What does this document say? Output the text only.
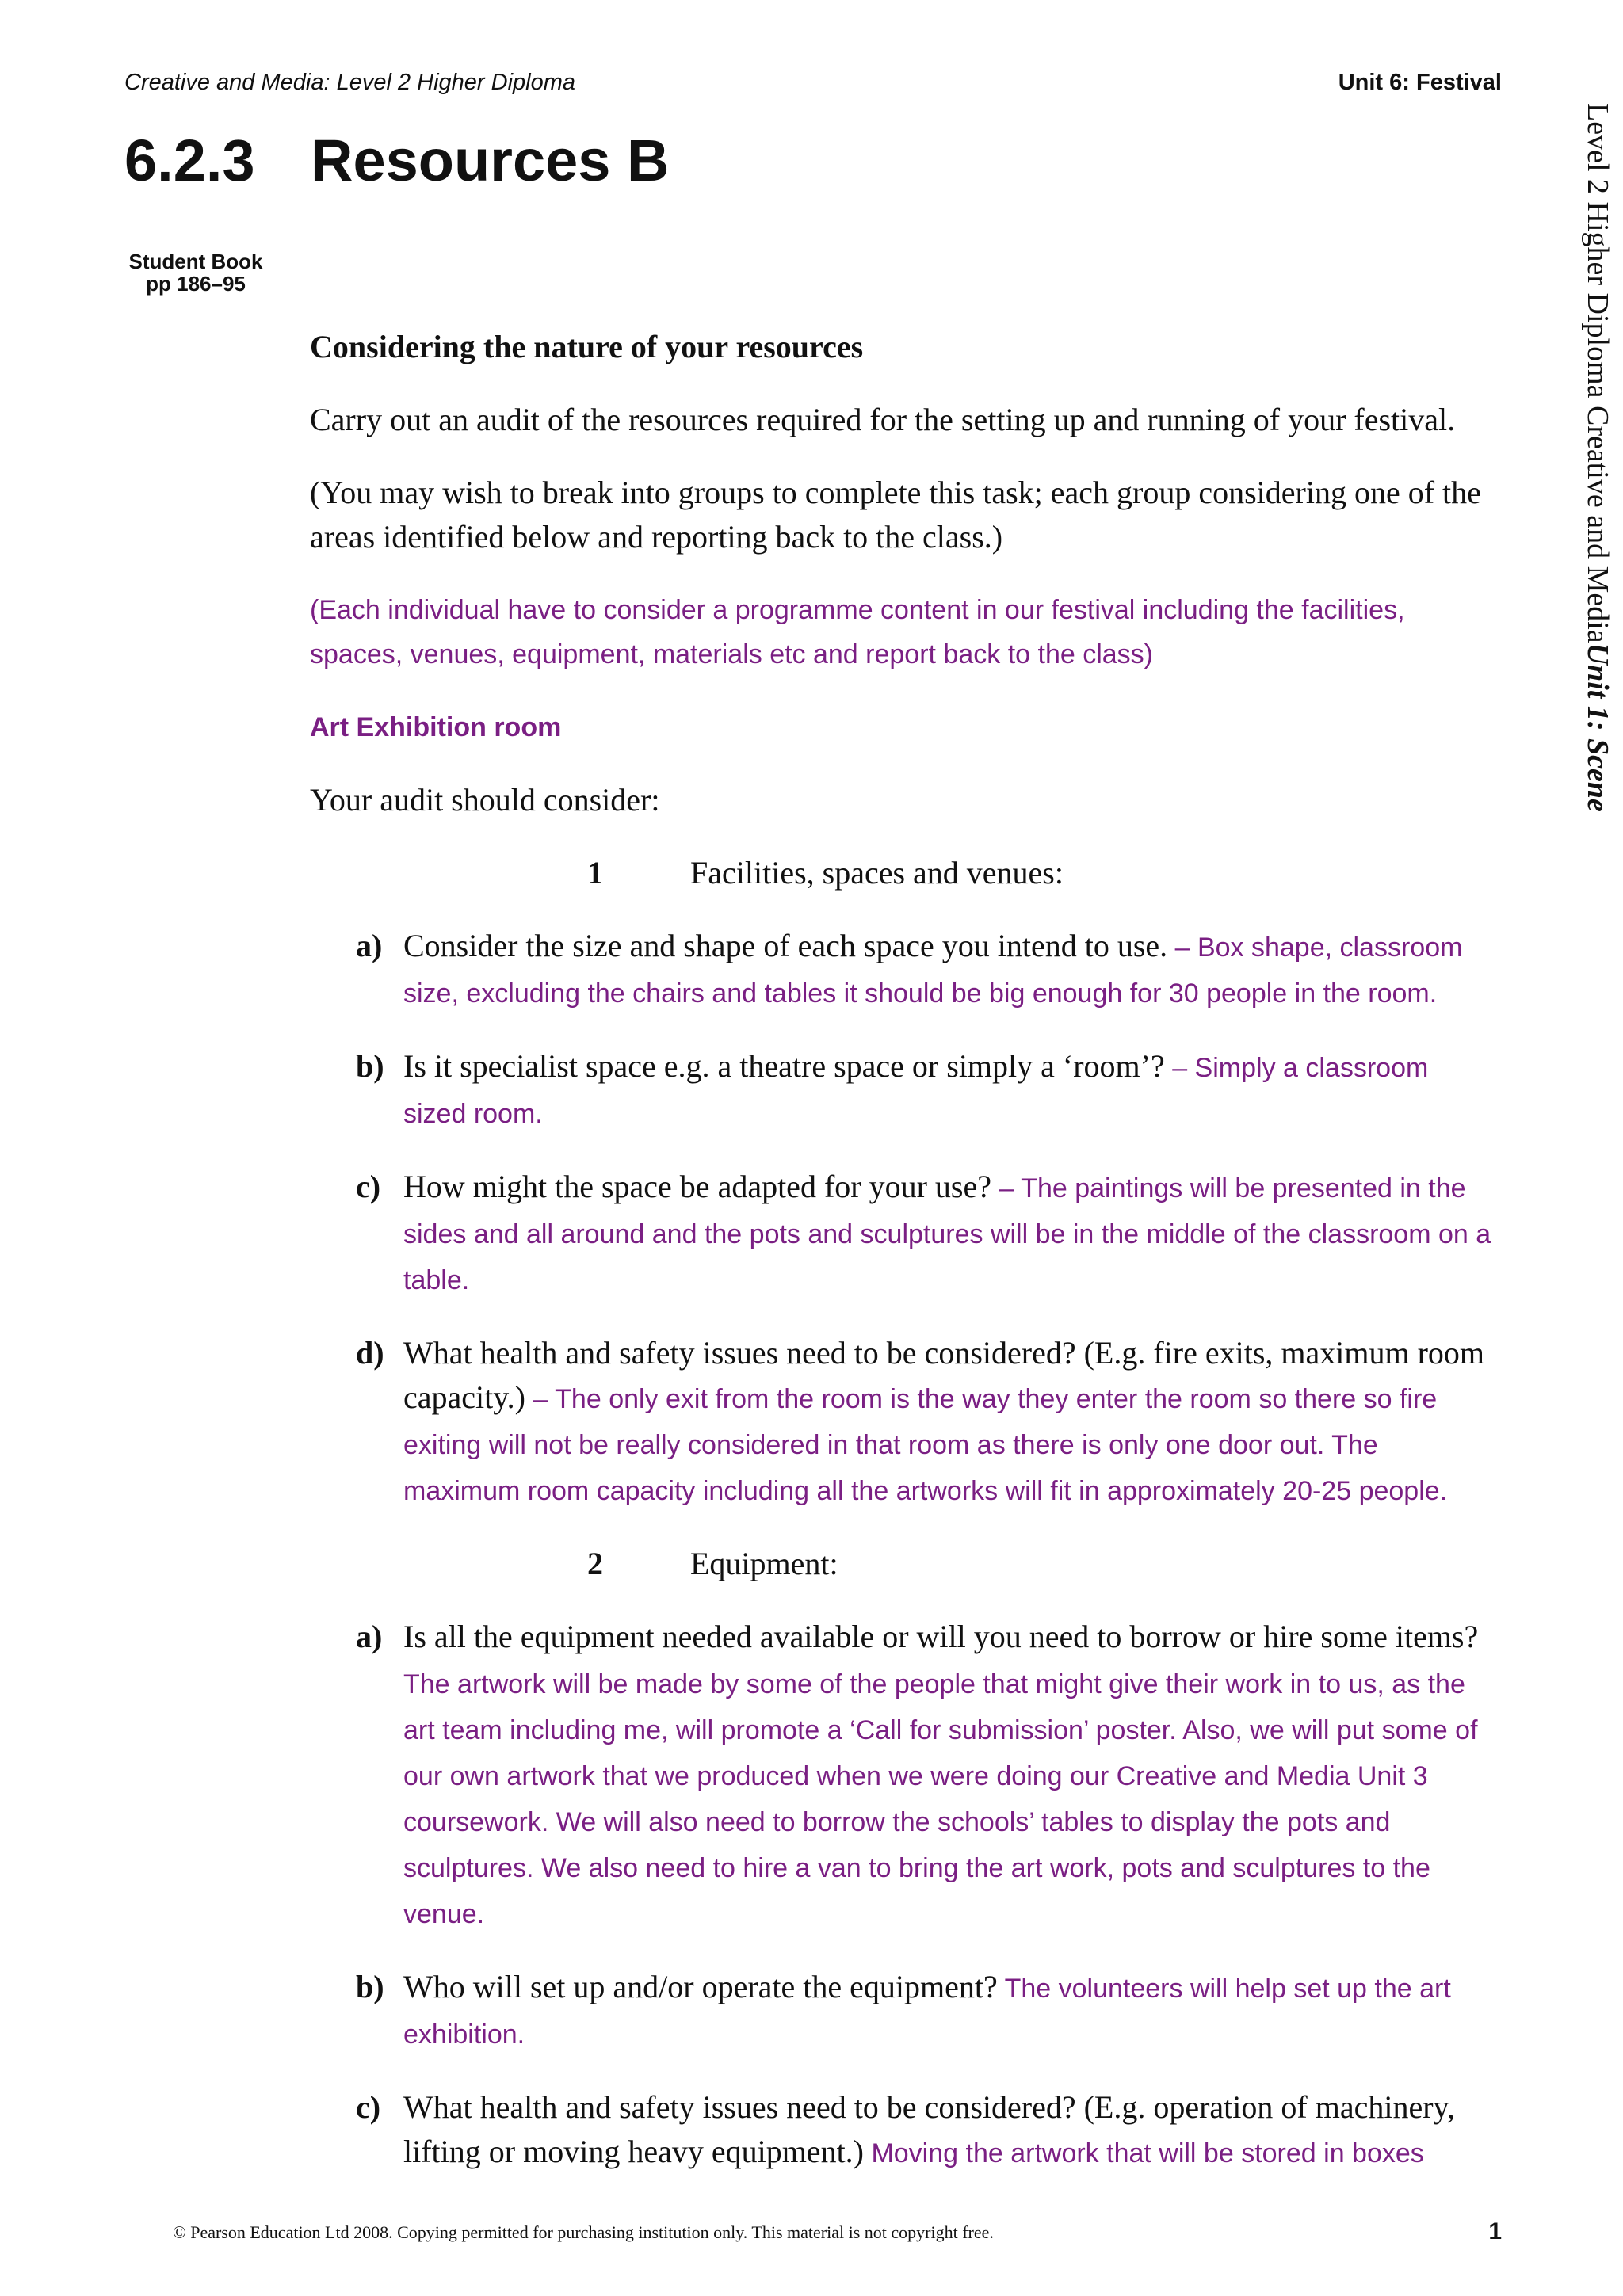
Creative and Media: Level 2 Higher Diploma	Unit 6: Festival
6.2.3 Resources B
Student Book
pp 186–95	Level 2 Higher Diploma Creative and MediaUnit 1: Scene
Considering the nature of your resources
Carry out an audit of the resources required for the setting up and running of your festival.
(You may wish to break into groups to complete this task; each group considering one of the areas identified below and reporting back to the class.)
(Each individual have to consider a programme content in our festival including the facilities, spaces, venues, equipment, materials etc and report back to the class)
Art Exhibition room
Your audit should consider:
1	Facilities, spaces and venues:
a) Consider the size and shape of each space you intend to use. – Box shape, classroom size, excluding the chairs and tables it should be big enough for 30 people in the room.
b) Is it specialist space e.g. a theatre space or simply a ‘room’? – Simply a classroom sized room.
c) How might the space be adapted for your use? – The paintings will be presented in the sides and all around and the pots and sculptures will be in the middle of the classroom on a table.
d) What health and safety issues need to be considered? (E.g. fire exits, maximum room capacity.) – The only exit from the room is the way they enter the room so there so fire exiting will not be really considered in that room as there is only one door out. The maximum room capacity including all the artworks will fit in approximately 20-25 people.
2	Equipment:
a) Is all the equipment needed available or will you need to borrow or hire some items? The artwork will be made by some of the people that might give their work in to us, as the art team including me, will promote a ‘Call for submission’ poster. Also, we will put some of our own artwork that we produced when we were doing our Creative and Media Unit 3 coursework. We will also need to borrow the schools’ tables to display the pots and sculptures. We also need to hire a van to bring the art work, pots and sculptures to the venue.
b) Who will set up and/or operate the equipment? The volunteers will help set up the art exhibition.
c) What health and safety issues need to be considered? (E.g. operation of machinery, lifting or moving heavy equipment.) Moving the artwork that will be stored in boxes
© Pearson Education Ltd 2008. Copying permitted for purchasing institution only. This material is not copyright free.	1
